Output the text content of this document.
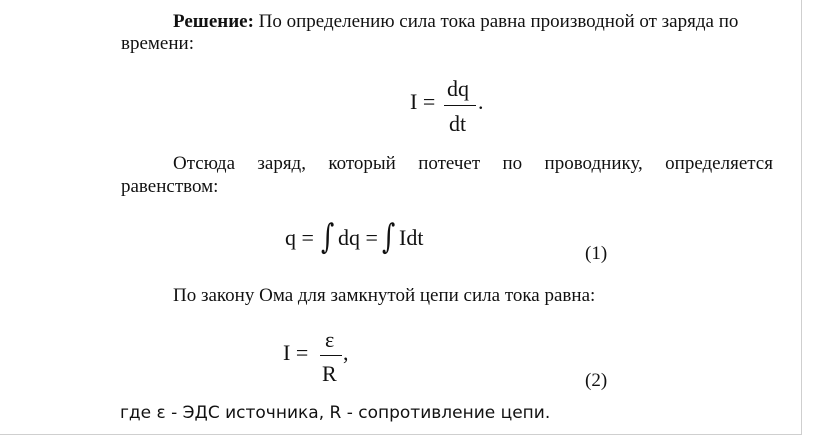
Решение: По определению сила тока равна производной от заряда по
времени:
I =
dq
dt
.
Отсюда заряд, который потечет по проводнику, определяется
равенством:
q = ∫ dq = ∫ Idt
(1)
По закону Ома для замкнутой цепи сила тока равна:
I =
ε
R
,
(2)
где ε - ЭДС источника, R - сопротивление цепи.
